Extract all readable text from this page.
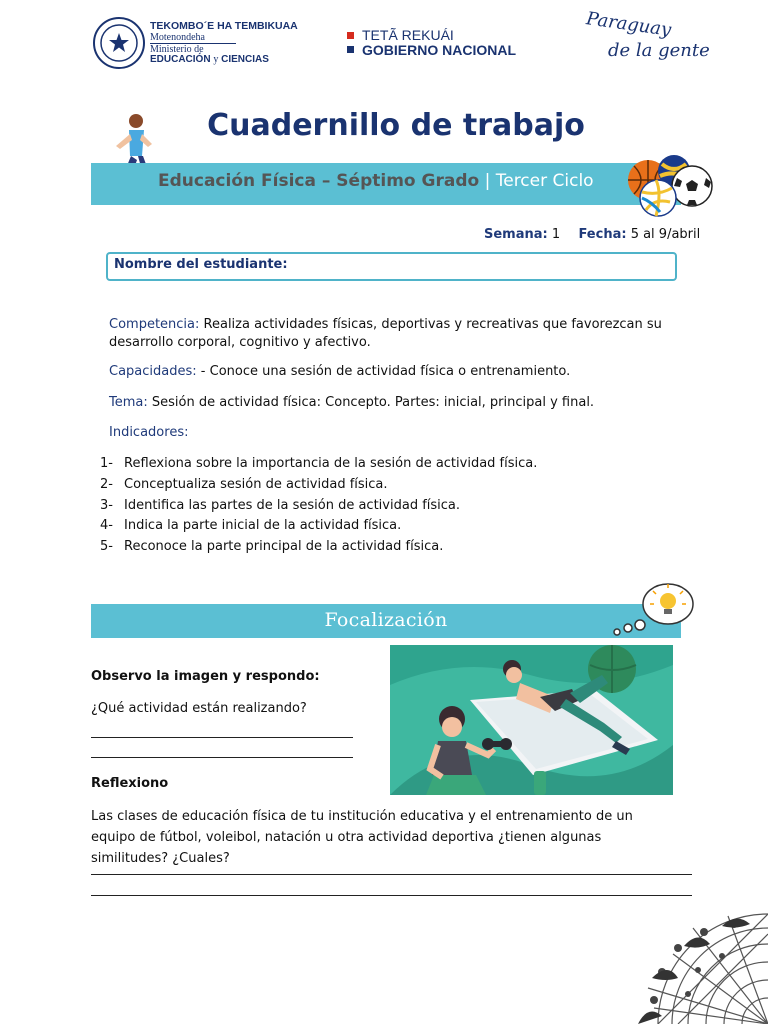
TEKOMBO´E HA TEMBIKUAA
Motenondeha
Ministerio de
EDUCACIÓN y CIENCIAS
TETÃ REKUÁI
GOBIERNO NACIONAL
Paraguay
de la gente
Cuadernillo de trabajo
Educación Física – Séptimo Grado | Tercer Ciclo
Semana: 1 Fecha: 5 al 9/abril
Nombre del estudiante:
Competencia: Realiza actividades físicas, deportivas y recreativas que favorezcan su desarrollo corporal, cognitivo y afectivo.
Capacidades: - Conoce una sesión de actividad física o entrenamiento.
Tema: Sesión de actividad física: Concepto. Partes: inicial, principal y final.
Indicadores:
1- Reflexiona sobre la importancia de la sesión de actividad física.
2- Conceptualiza sesión de actividad física.
3- Identifica las partes de la sesión de actividad física.
4- Indica la parte inicial de la actividad física.
5- Reconoce la parte principal de la actividad física.
Focalización
Observo la imagen y respondo:
¿Qué actividad están realizando?
Reflexiono
Las clases de educación física de tu institución educativa y el entrenamiento de un equipo de fútbol, voleibol, natación u otra actividad deportiva ¿tienen algunas similitudes? ¿Cuales?
